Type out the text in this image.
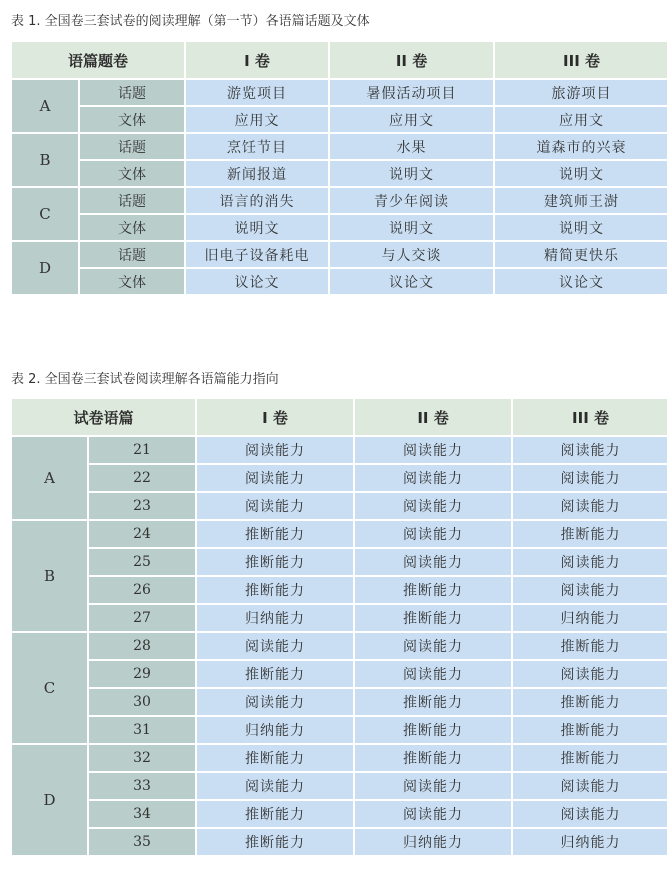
表 1. 全国卷三套试卷的阅读理解（第一节）各语篇话题及文体
语篇题卷		I 卷	II 卷	III 卷
A	话题	游览项目	暑假活动项目	旅游项目
	文体	应用文	应用文	应用文
B	话题	烹饪节目	水果	道森市的兴衰
	文体	新闻报道	说明文	说明文
C	话题	语言的消失	青少年阅读	建筑师王澍
	文体	说明文	说明文	说明文
D	话题	旧电子设备耗电	与人交谈	精简更快乐
	文体	议论文	议论文	议论文
表 2. 全国卷三套试卷阅读理解各语篇能力指向
试卷语篇		I 卷	II 卷	III 卷
A	21	阅读能力	阅读能力	阅读能力
	22	阅读能力	阅读能力	阅读能力
	23	阅读能力	阅读能力	阅读能力
B	24	推断能力	阅读能力	推断能力
	25	推断能力	阅读能力	阅读能力
	26	推断能力	推断能力	阅读能力
	27	归纳能力	推断能力	归纳能力
C	28	阅读能力	阅读能力	推断能力
	29	推断能力	阅读能力	阅读能力
	30	阅读能力	推断能力	推断能力
	31	归纳能力	推断能力	推断能力
D	32	推断能力	推断能力	推断能力
	33	阅读能力	阅读能力	阅读能力
	34	推断能力	阅读能力	阅读能力
	35	推断能力	归纳能力	归纳能力
